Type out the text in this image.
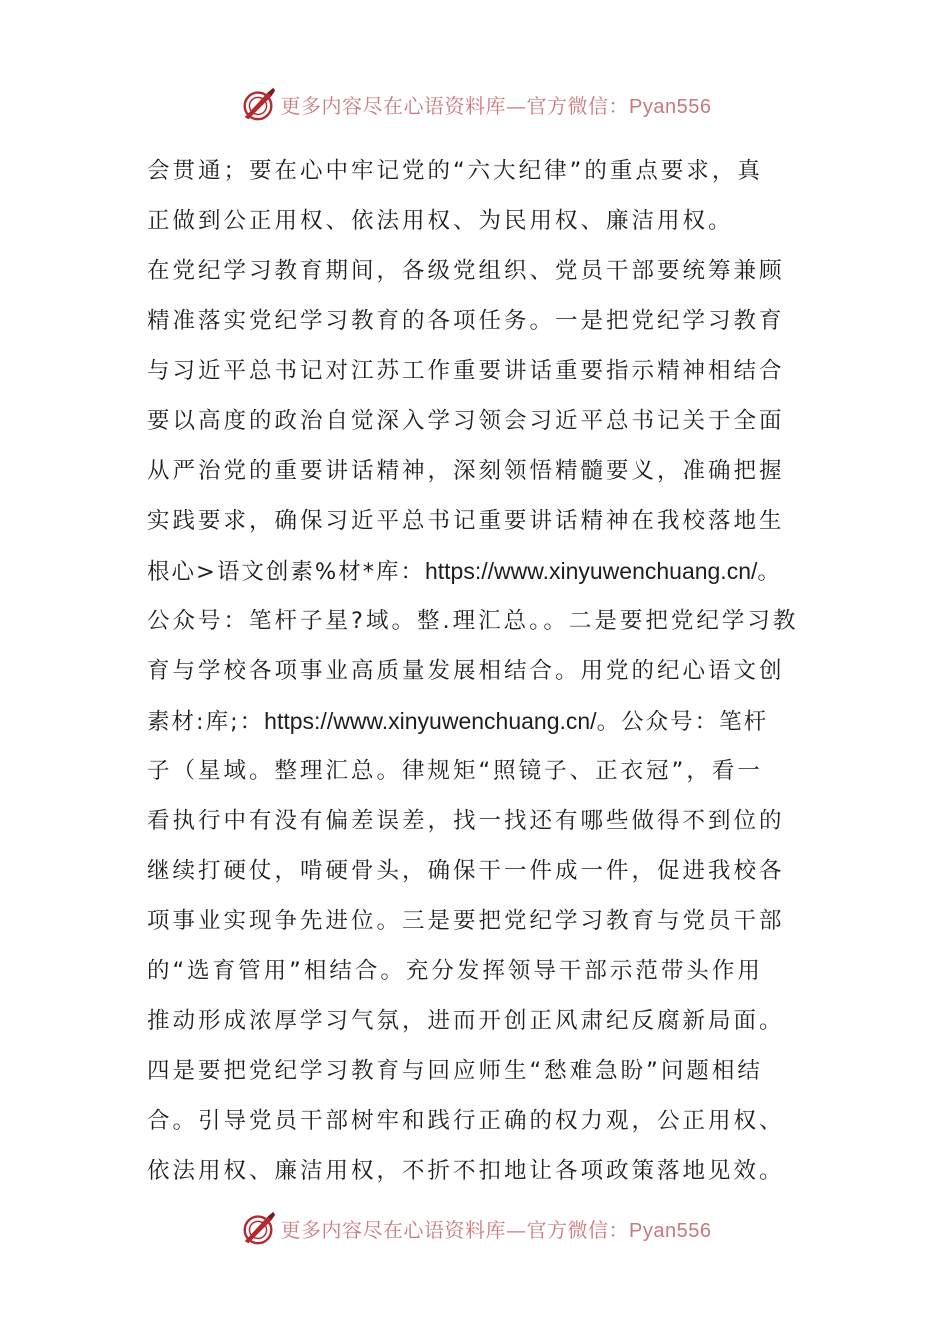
更多内容尽在心语资料库—官方微信：Pyan556
会贯通；要在心中牢记党的“六大纪律”的重点要求，真
正做到公正用权、依法用权、为民用权、廉洁用权。
在党纪学习教育期间，各级党组织、党员干部要统筹兼顾
精准落实党纪学习教育的各项任务。一是把党纪学习教育
与习近平总书记对江苏工作重要讲话重要指示精神相结合
要以高度的政治自觉深入学习领会习近平总书记关于全面
从严治党的重要讲话精神，深刻领悟精髓要义，准确把握
实践要求，确保习近平总书记重要讲话精神在我校落地生
根心>语文创素%材*库：https://www.xinyuwenchuang.cn/。
公众号：笔杆子星?域。整.理汇总。。二是要把党纪学习教
育与学校各项事业高质量发展相结合。用党的纪心语文创
素材:库;：https://www.xinyuwenchuang.cn/。公众号：笔杆
子（星域。整理汇总。律规矩“照镜子、正衣冠”，看一
看执行中有没有偏差误差，找一找还有哪些做得不到位的
继续打硬仗，啃硬骨头，确保干一件成一件，促进我校各
项事业实现争先进位。三是要把党纪学习教育与党员干部
的“选育管用”相结合。充分发挥领导干部示范带头作用
推动形成浓厚学习气氛，进而开创正风肃纪反腐新局面。
四是要把党纪学习教育与回应师生“愁难急盼”问题相结
合。引导党员干部树牢和践行正确的权力观，公正用权、
依法用权、廉洁用权，不折不扣地让各项政策落地见效。
更多内容尽在心语资料库—官方微信：Pyan556
